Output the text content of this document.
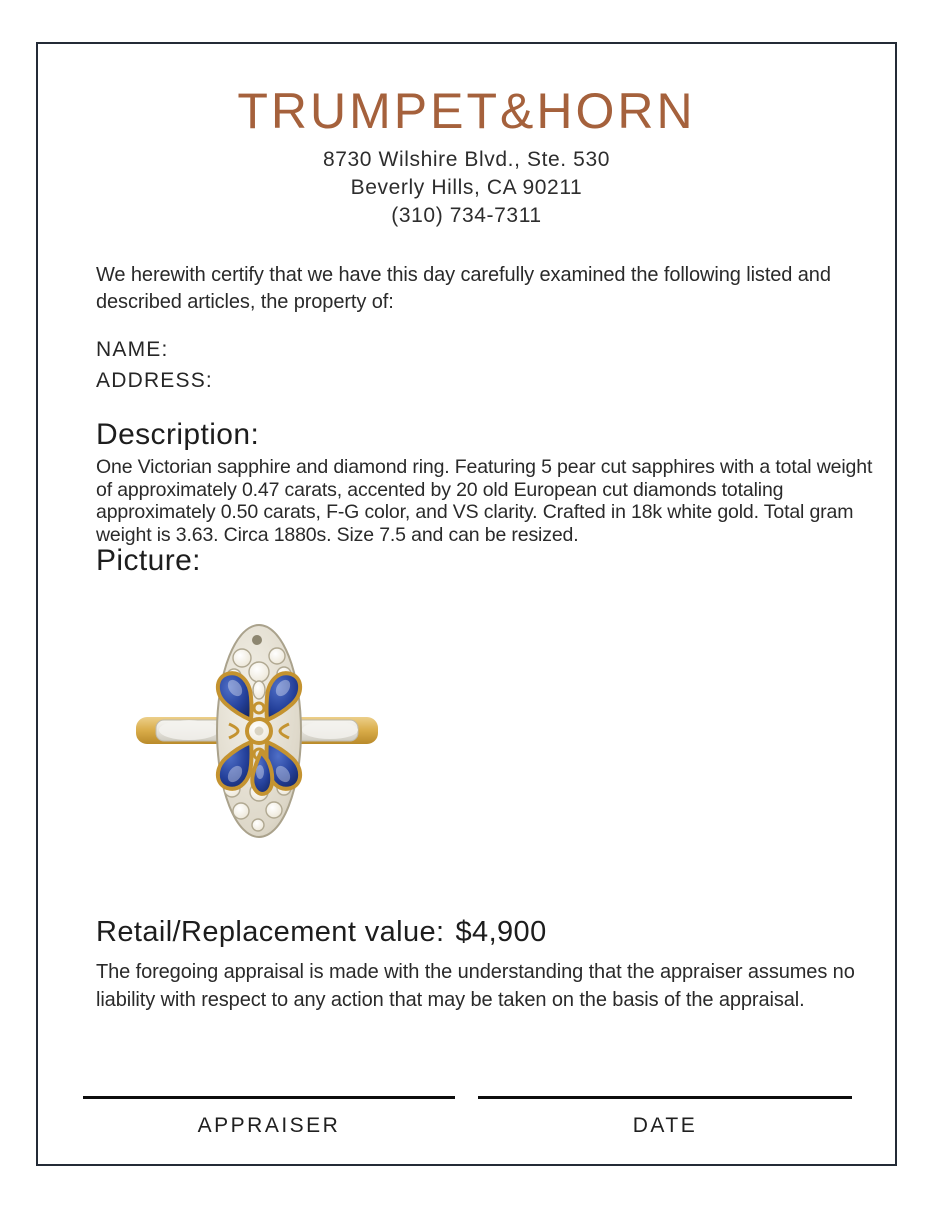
TRUMPET&HORN
8730 Wilshire Blvd., Ste. 530
Beverly Hills, CA 90211
(310) 734-7311
We herewith certify that we have this day carefully examined the following listed and described articles, the property of:
NAME:
ADDRESS:
Description:
One Victorian sapphire and diamond ring. Featuring 5 pear cut sapphires with a total weight of approximately 0.47 carats, accented by 20 old European cut diamonds totaling approximately 0.50 carats, F-G color, and VS clarity. Crafted in 18k white gold. Total gram weight is 3.63. Circa 1880s. Size 7.5 and can be resized.
Picture:
Retail/Replacement value: $4,900
The foregoing appraisal is made with the understanding that the appraiser assumes no liability with respect to any action that may be taken on the basis of the appraisal.
APPRAISER	DATE
